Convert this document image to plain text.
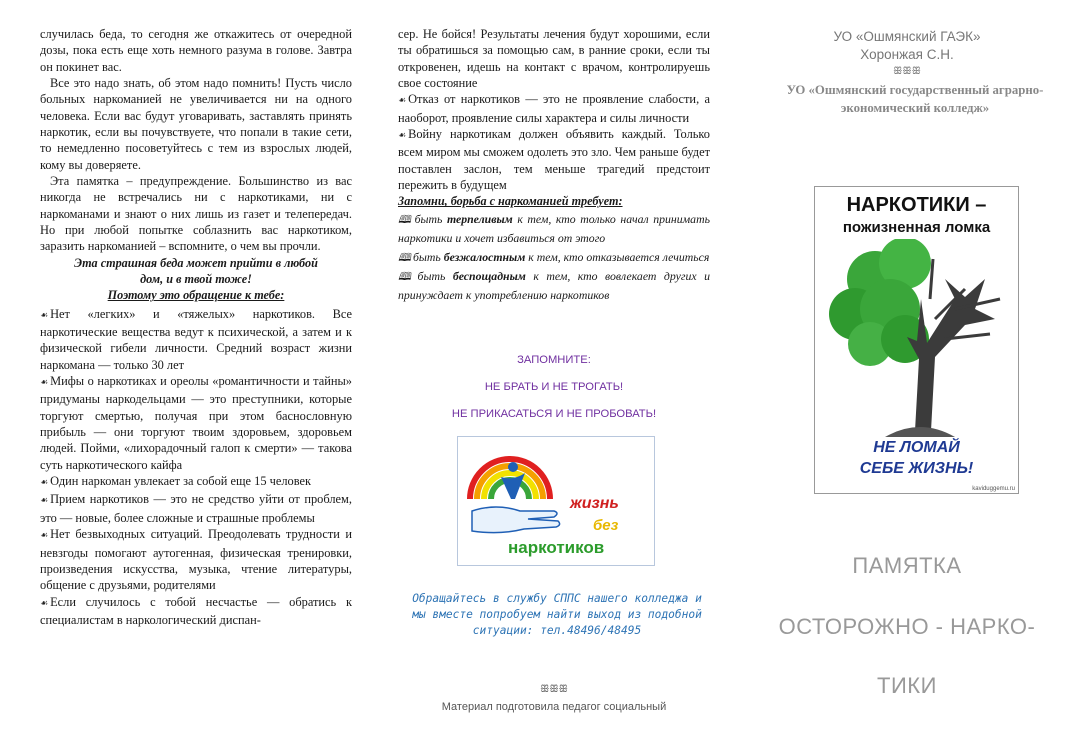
случилась беда, то сегодня же откажитесь от очередной дозы, пока есть еще хоть немного разума в голове. Завтра он покинет вас.

Все это надо знать, об этом надо помнить! Пусть число больных наркоманией не увеличивается ни на одного человека. Если вас будут уговаривать, заставлять принять наркотик, если вы почувствуете, что попали в такие сети, то немедленно посоветуйтесь с тем из взрослых людей, кому вы доверяете.

Эта памятка – предупреждение. Большинство из вас никогда не встречались ни с наркотиками, ни с наркоманами и знают о них лишь из газет и телепередач. Но при любой попытке соблазнить вас наркотиком, заразить наркоманией – вспомните, о чем вы прочли.

Эта страшная беда может прийти в любой дом, и в твой тоже!

Поэтому это обращение к тебе:

☙ Нет «легких» и «тяжелых» наркотиков. Все наркотические вещества ведут к психической, а затем и к физической гибели личности. Средний возраст жизни наркомана — только 30 лет

☙ Мифы о наркотиках и ореолы «романтичности и тайны» придуманы наркодельцами — это преступники, которые торгуют смертью, получая при этом баснословную прибыль — они торгуют твоим здоровьем, здоровьем людей. Пойми, «лихорадочный галоп к смерти» — такова суть наркотического кайфа

☙ Один наркоман увлекает за собой еще 15 человек

☙ Прием наркотиков — это не средство уйти от проблем, это — новые, более сложные и страшные проблемы

☙ Нет безвыходных ситуаций. Преодолевать трудности и невзгоды помогают аутогенная, физическая тренировки, произведения искусства, музыка, чтение литературы, общение с друзьями, родителями

☙ Если случилось с тобой несчастье — обратись к специалистам в наркологический диспан-

сер. Не бойся! Результаты лечения будут хорошими, если ты обратишься за помощью сам, в ранние сроки, если ты откровенен, идешь на контакт с врачом, контролируешь свое состояние

☙ Отказ от наркотиков — это не проявление слабости, а наоборот, проявление силы характера и силы личности

☙ Войну наркотикам должен объявить каждый. Только всем миром мы сможем одолеть это зло. Чем раньше будет поставлен заслон, тем меньше трагедий предстоит пережить в будущем

Запомни, борьба с наркоманией требует:

🕮 быть терпеливым к тем, кто только начал принимать наркотики и хочет избавиться от этого

🕮 быть безжалостным к тем, кто отказывается лечиться

🕮 быть беспощадным к тем, кто вовлекает других и принуждает к употреблению наркотиков

ЗАПОМНИТЕ:
НЕ БРАТЬ И НЕ ТРОГАТЬ!
НЕ ПРИКАСАТЬСЯ И НЕ ПРОБОВАТЬ!
жизнь
без
наркотиков
Обращайтесь в службу СППС нашего колледжа и мы вместе попробуем найти выход из подобной ситуации: тел.48496/48495
ꕥꕥꕥ
Материал подготовила педагог социальный
УО «Ошмянский ГАЭК»
Хоронжая С.Н.
ꕥꕥꕥ
УО «Ошмянский государственный аграрно-экономический колледж»
НАРКОТИКИ –
пожизненная ломка
НЕ ЛОМАЙ
СЕБЕ ЖИЗНЬ!
kaviduggemu.ru
ПАМЯТКА
ОСТОРОЖНО - НАРКО-
ТИКИ
